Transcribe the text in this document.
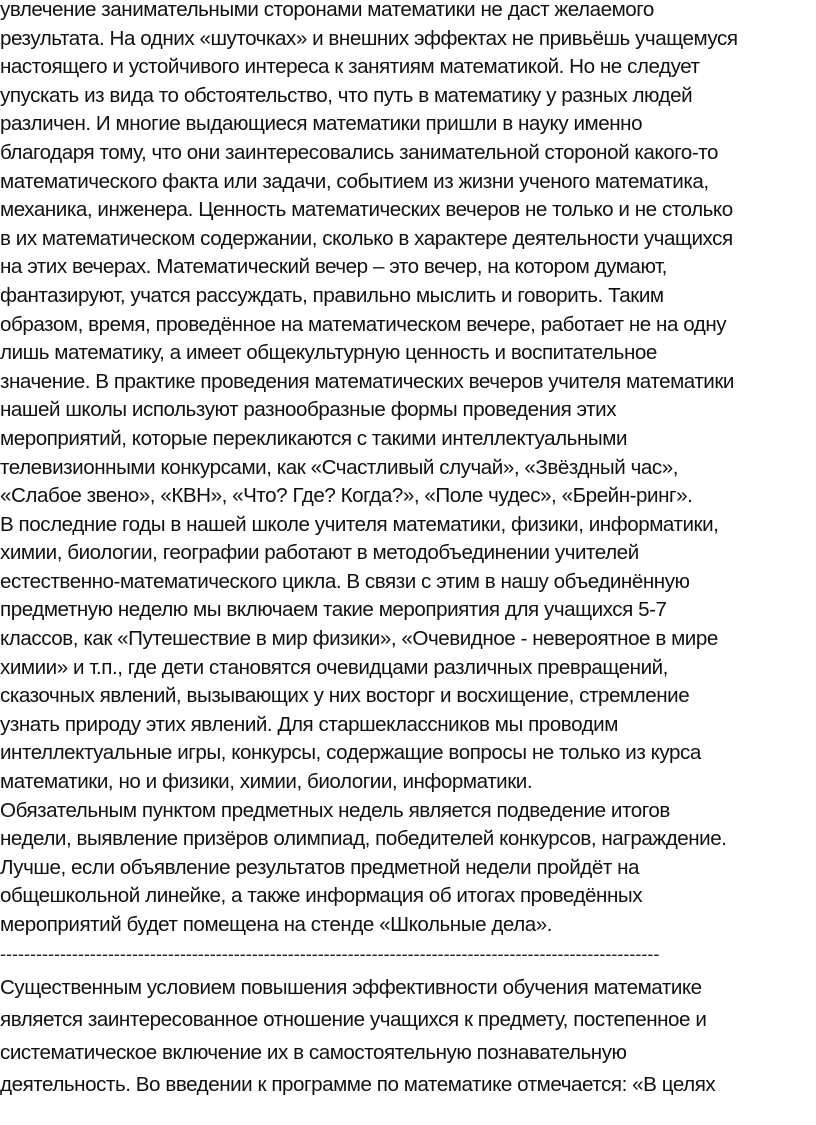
увлечение занимательными сторонами математики не даст желаемого
результата. На одних «шуточках» и внешних эффектах не привьёшь учащемуся
настоящего и устойчивого интереса к занятиям математикой. Но не следует
упускать из вида то обстоятельство, что путь в математику у разных людей
различен. И многие выдающиеся математики пришли в науку именно
благодаря тому, что они заинтересовались занимательной стороной какого-то
математического факта или задачи, событием из жизни ученого математика,
механика, инженера. Ценность математических вечеров не только и не столько
в их математическом содержании, сколько в характере деятельности учащихся
на этих вечерах. Математический вечер – это вечер, на котором думают,
фантазируют, учатся рассуждать, правильно мыслить и говорить. Таким
образом, время, проведённое на математическом вечере, работает не на одну
лишь математику, а имеет общекультурную ценность и воспитательное
значение. В практике проведения математических вечеров учителя математики
нашей школы используют разнообразные формы проведения этих
мероприятий, которые перекликаются с такими интеллектуальными
телевизионными конкурсами, как «Счастливый случай», «Звёздный час»,
«Слабое звено», «КВН», «Что? Где? Когда?», «Поле чудес», «Брейн-ринг».
В последние годы в нашей школе учителя математики, физики, информатики,
химии, биологии, географии работают в методобъединении учителей
естественно-математического цикла. В связи с этим в нашу объединённую
предметную неделю мы включаем такие мероприятия для учащихся 5-7
классов, как «Путешествие в мир физики», «Очевидное - невероятное в мире
химии» и т.п., где дети становятся очевидцами различных превращений,
сказочных явлений, вызывающих у них восторг и восхищение, стремление
узнать природу этих явлений. Для старшеклассников мы проводим
интеллектуальные игры, конкурсы, содержащие вопросы не только из курса
математики, но и физики, химии, биологии, информатики.
Обязательным пунктом предметных недель является подведение итогов
недели, выявление призёров олимпиад, победителей конкурсов, награждение.
Лучше, если объявление результатов предметной недели пройдёт на
общешкольной линейке, а также информация об итогах проведённых
мероприятий будет помещена на стенде «Школьные дела».
--------------------------------------------------------------------------------------------------------------
Существенным условием повышения эффективности обучения математике
является заинтересованное отношение учащихся к предмету, постепенное и
систематическое включение их в самостоятельную познавательную
деятельность. Во введении к программе по математике отмечается: «В целях
